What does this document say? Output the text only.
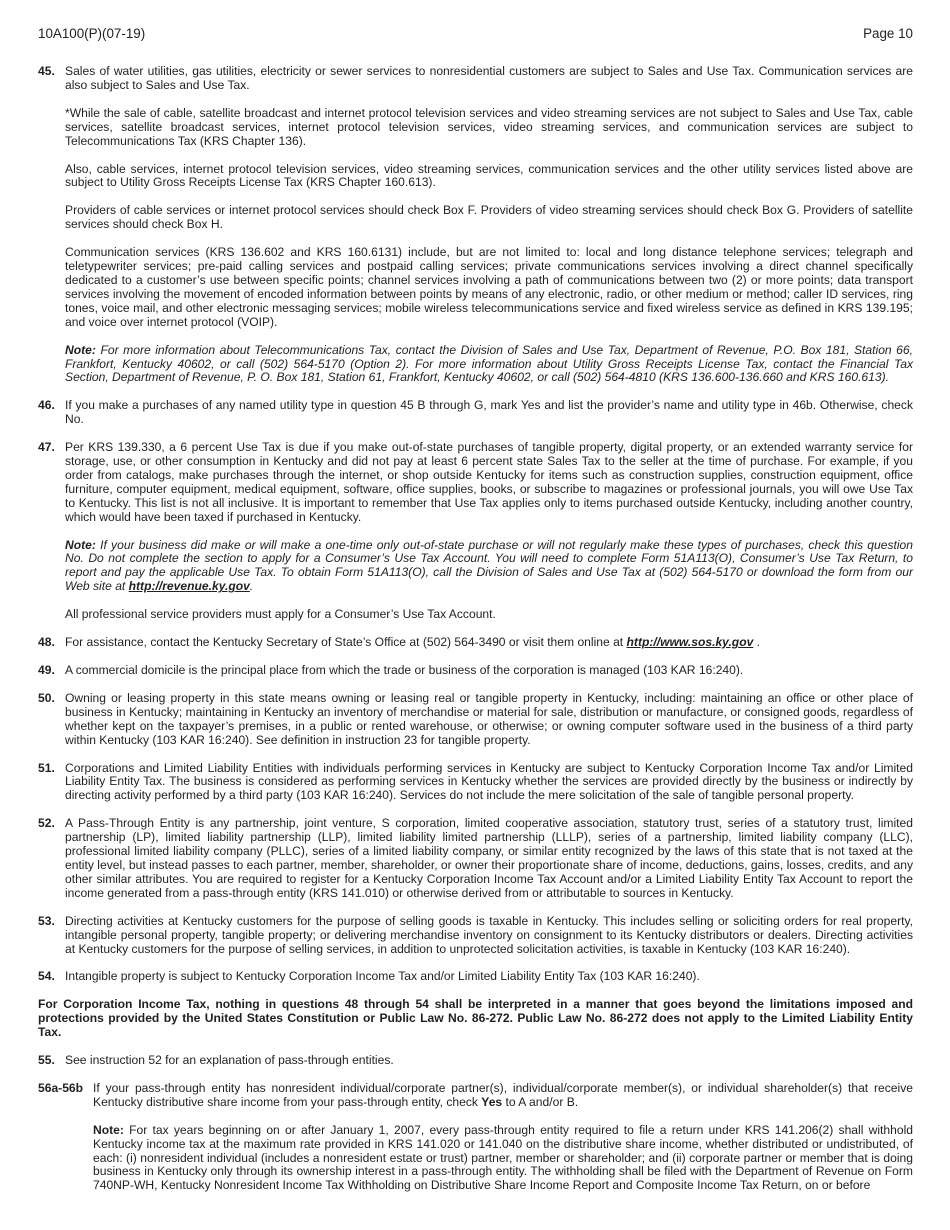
10A100(P)(07-19)	Page 10
45. Sales of water utilities, gas utilities, electricity or sewer services to nonresidential customers are subject to Sales and Use Tax. Communication services are also subject to Sales and Use Tax.

*While the sale of cable, satellite broadcast and internet protocol television services and video streaming services are not subject to Sales and Use Tax, cable services, satellite broadcast services, internet protocol television services, video streaming services, and communication services are subject to Telecommunications Tax (KRS Chapter 136).

Also, cable services, internet protocol television services, video streaming services, communication services and the other utility services listed above are subject to Utility Gross Receipts License Tax (KRS Chapter 160.613).

Providers of cable services or internet protocol services should check Box F. Providers of video streaming services should check Box G. Providers of satellite services should check Box H.

Communication services (KRS 136.602 and KRS 160.6131) include, but are not limited to: local and long distance telephone services; telegraph and teletypewriter services; pre-paid calling services and postpaid calling services; private communications services involving a direct channel specifically dedicated to a customer’s use between specific points; channel services involving a path of communications between two (2) or more points; data transport services involving the movement of encoded information between points by means of any electronic, radio, or other medium or method; caller ID services, ring tones, voice mail, and other electronic messaging services; mobile wireless telecommunications service and fixed wireless service as defined in KRS 139.195; and voice over internet protocol (VOIP).

Note: For more information about Telecommunications Tax, contact the Division of Sales and Use Tax, Department of Revenue, P.O. Box 181, Station 66, Frankfort, Kentucky 40602, or call (502) 564-5170 (Option 2). For more information about Utility Gross Receipts License Tax, contact the Financial Tax Section, Department of Revenue, P. O. Box 181, Station 61, Frankfort, Kentucky 40602, or call (502) 564-4810 (KRS 136.600-136.660 and KRS 160.613).

46. If you make a purchases of any named utility type in question 45 B through G, mark Yes and list the provider’s name and utility type in 46b. Otherwise, check No.
47. Per KRS 139.330, a 6 percent Use Tax is due if you make out-of-state purchases of tangible property, digital property, or an extended warranty service for storage, use, or other consumption in Kentucky and did not pay at least 6 percent state Sales Tax to the seller at the time of purchase. For example, if you order from catalogs, make purchases through the internet, or shop outside Kentucky for items such as construction supplies, construction equipment, office furniture, computer equipment, medical equipment, software, office supplies, books, or subscribe to magazines or professional journals, you will owe Use Tax to Kentucky. This list is not all inclusive. It is important to remember that Use Tax applies only to items purchased outside Kentucky, including another country, which would have been taxed if purchased in Kentucky.

Note: If your business did make or will make a one-time only out-of-state purchase or will not regularly make these types of purchases, check this question No. Do not complete the section to apply for a Consumer’s Use Tax Account. You will need to complete Form 51A113(O), Consumer’s Use Tax Return, to report and pay the applicable Use Tax. To obtain Form 51A113(O), call the Division of Sales and Use Tax at (502) 564-5170 or download the form from our Web site at http://revenue.ky.gov.

All professional service providers must apply for a Consumer’s Use Tax Account.

48. For assistance, contact the Kentucky Secretary of State’s Office at (502) 564-3490 or visit them online at http://www.sos.ky.gov .
49. A commercial domicile is the principal place from which the trade or business of the corporation is managed (103 KAR 16:240).
50. Owning or leasing property in this state means owning or leasing real or tangible property in Kentucky, including: maintaining an office or other place of business in Kentucky; maintaining in Kentucky an inventory of merchandise or material for sale, distribution or manufacture, or consigned goods, regardless of whether kept on the taxpayer’s premises, in a public or rented warehouse, or otherwise; or owning computer software used in the business of a third party within Kentucky (103 KAR 16:240). See definition in instruction 23 for tangible property.
51. Corporations and Limited Liability Entities with individuals performing services in Kentucky are subject to Kentucky Corporation Income Tax and/or Limited Liability Entity Tax. The business is considered as performing services in Kentucky whether the services are provided directly by the business or indirectly by directing activity performed by a third party (103 KAR 16:240). Services do not include the mere solicitation of the sale of tangible personal property.
52. A Pass-Through Entity is any partnership, joint venture, S corporation, limited cooperative association, statutory trust, series of a statutory trust, limited partnership (LP), limited liability partnership (LLP), limited liability limited partnership (LLLP), series of a partnership, limited liability company (LLC), professional limited liability company (PLLC), series of a limited liability company, or similar entity recognized by the laws of this state that is not taxed at the entity level, but instead passes to each partner, member, shareholder, or owner their proportionate share of income, deductions, gains, losses, credits, and any other similar attributes. You are required to register for a Kentucky Corporation Income Tax Account and/or a Limited Liability Entity Tax Account to report the income generated from a pass-through entity (KRS 141.010) or otherwise derived from or attributable to sources in Kentucky.
53. Directing activities at Kentucky customers for the purpose of selling goods is taxable in Kentucky. This includes selling or soliciting orders for real property, intangible personal property, tangible property; or delivering merchandise inventory on consignment to its Kentucky distributors or dealers. Directing activities at Kentucky customers for the purpose of selling services, in addition to unprotected solicitation activities, is taxable in Kentucky (103 KAR 16:240).
54. Intangible property is subject to Kentucky Corporation Income Tax and/or Limited Liability Entity Tax (103 KAR 16:240).
For Corporation Income Tax, nothing in questions 48 through 54 shall be interpreted in a manner that goes beyond the limitations imposed and protections provided by the United States Constitution or Public Law No. 86-272. Public Law No. 86-272 does not apply to the Limited Liability Entity Tax.
55. See instruction 52 for an explanation of pass-through entities.
56a-56b If your pass-through entity has nonresident individual/corporate partner(s), individual/corporate member(s), or individual shareholder(s) that receive Kentucky distributive share income from your pass-through entity, check Yes to A and/or B.

Note: For tax years beginning on or after January 1, 2007, every pass-through entity required to file a return under KRS 141.206(2) shall withhold Kentucky income tax at the maximum rate provided in KRS 141.020 or 141.040 on the distributive share income, whether distributed or undistributed, of each: (i) nonresident individual (includes a nonresident estate or trust) partner, member or shareholder; and (ii) corporate partner or member that is doing business in Kentucky only through its ownership interest in a pass-through entity. The withholding shall be filed with the Department of Revenue on Form 740NP-WH, Kentucky Nonresident Income Tax Withholding on Distributive Share Income Report and Composite Income Tax Return, on or before
